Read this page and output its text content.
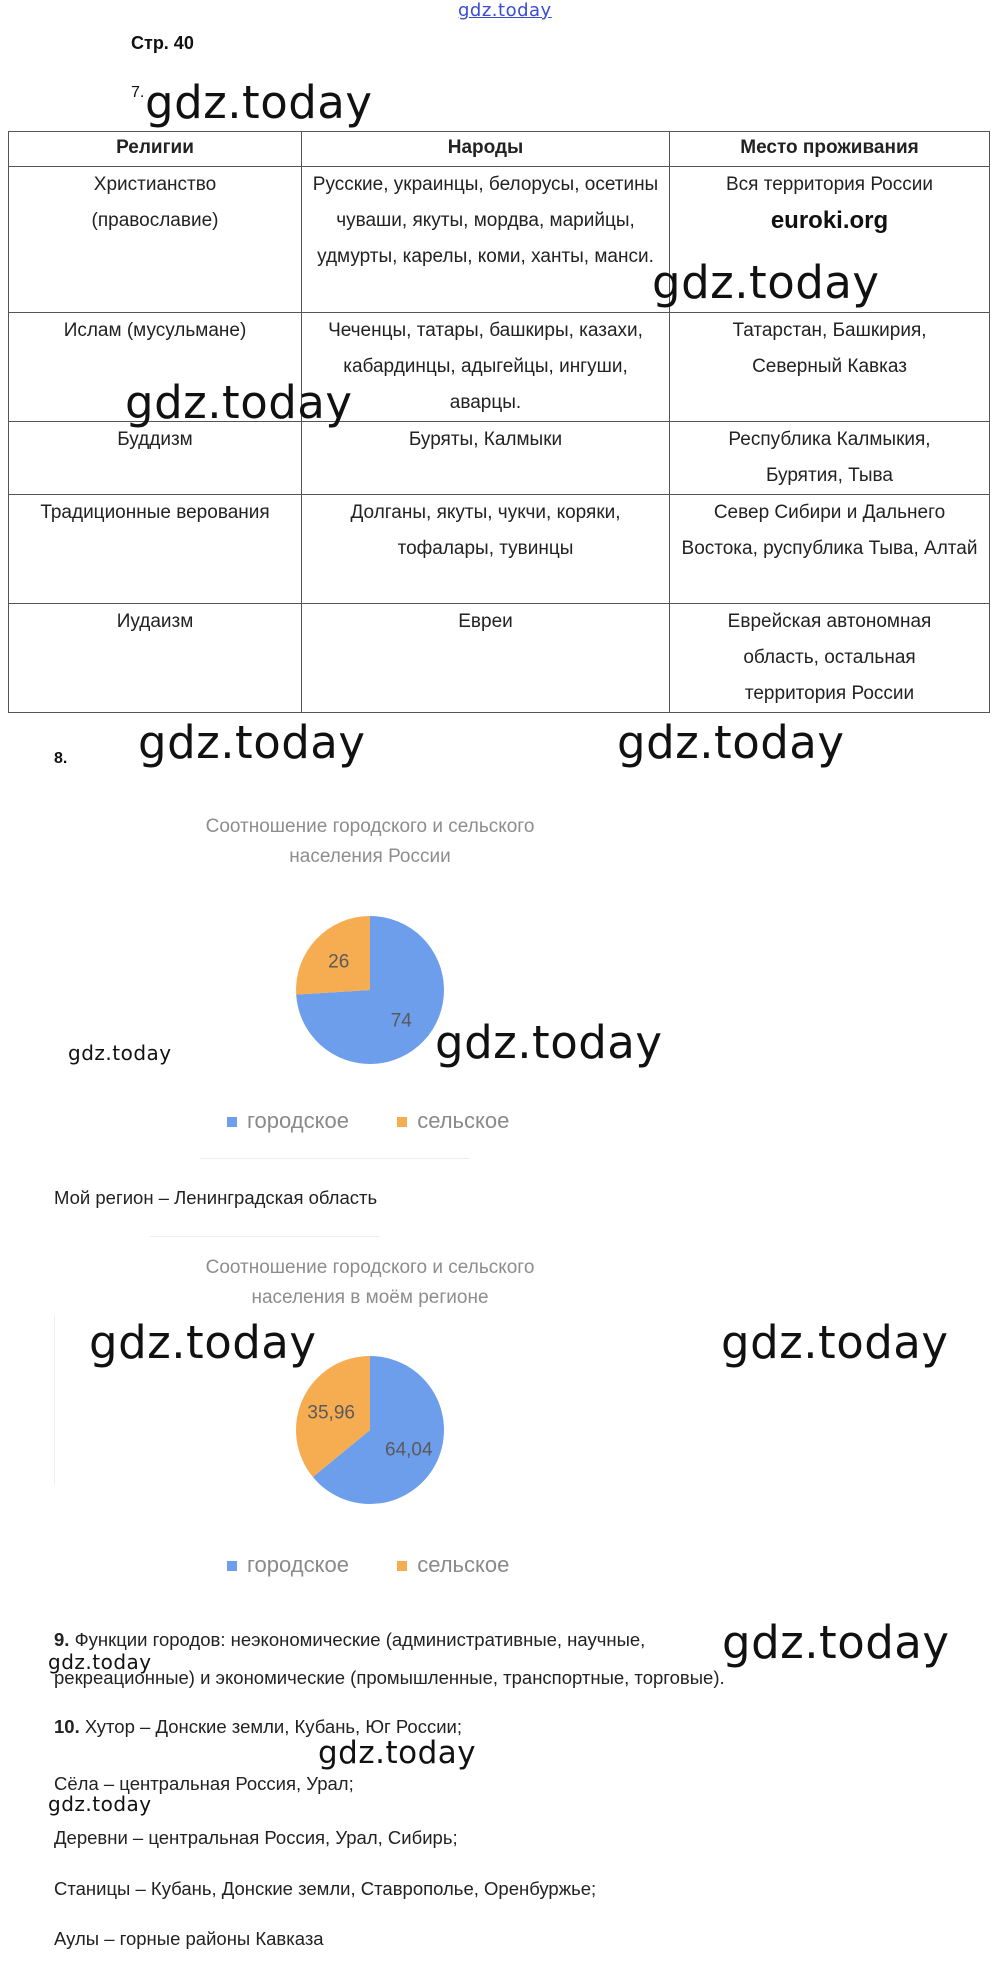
gdz.today
Стр. 40
7. gdz.today
Религии	Народы	Место проживания

Христианство (православие)	Русские, украинцы, белорусы, осетины чуваши, якуты, мордва, марийцы, удмурты, карелы, коми, ханты, манси.	Вся территория России
euroki.org

Ислам (мусульмане)	Чеченцы, татары, башкиры, казахи, кабардинцы, адыгейцы, ингуши, аварцы.	Татарстан, Башкирия, Северный Кавказ

Буддизм	Буряты, Калмыки	Республика Калмыкия, Бурятия, Тыва

Традиционные верования	Долганы, якуты, чукчи, коряки, тофалары, тувинцы	Север Сибири и Дальнего Востока, руспублика Тыва, Алтай
Иудаизм	Евреи	Еврейская автономная область, остальная территория России
gdz.today
gdz.today
8. gdz.today	gdz.today
Соотношение городского и сельского
населения России
74
26
городское	сельское
gdz.today	gdz.today
Мой регион – Ленинградская область
Соотношение городского и сельского
населения в моём регионе
64,04
35,96
городское	сельское
gdz.today	gdz.today
9. Функции городов: неэкономические (административные, научные, gdz.today
gdz.today
рекреационные) и экономические (промышленные, транспортные, торговые).
10. Хутор – Донские земли, Кубань, Юг России;
gdz.today
Сёла – центральная Россия, Урал;
gdz.today
Деревни – центральная Россия, Урал, Сибирь;
Станицы – Кубань, Донские земли, Ставрополье, Оренбуржье;
Аулы – горные районы Кавказа
